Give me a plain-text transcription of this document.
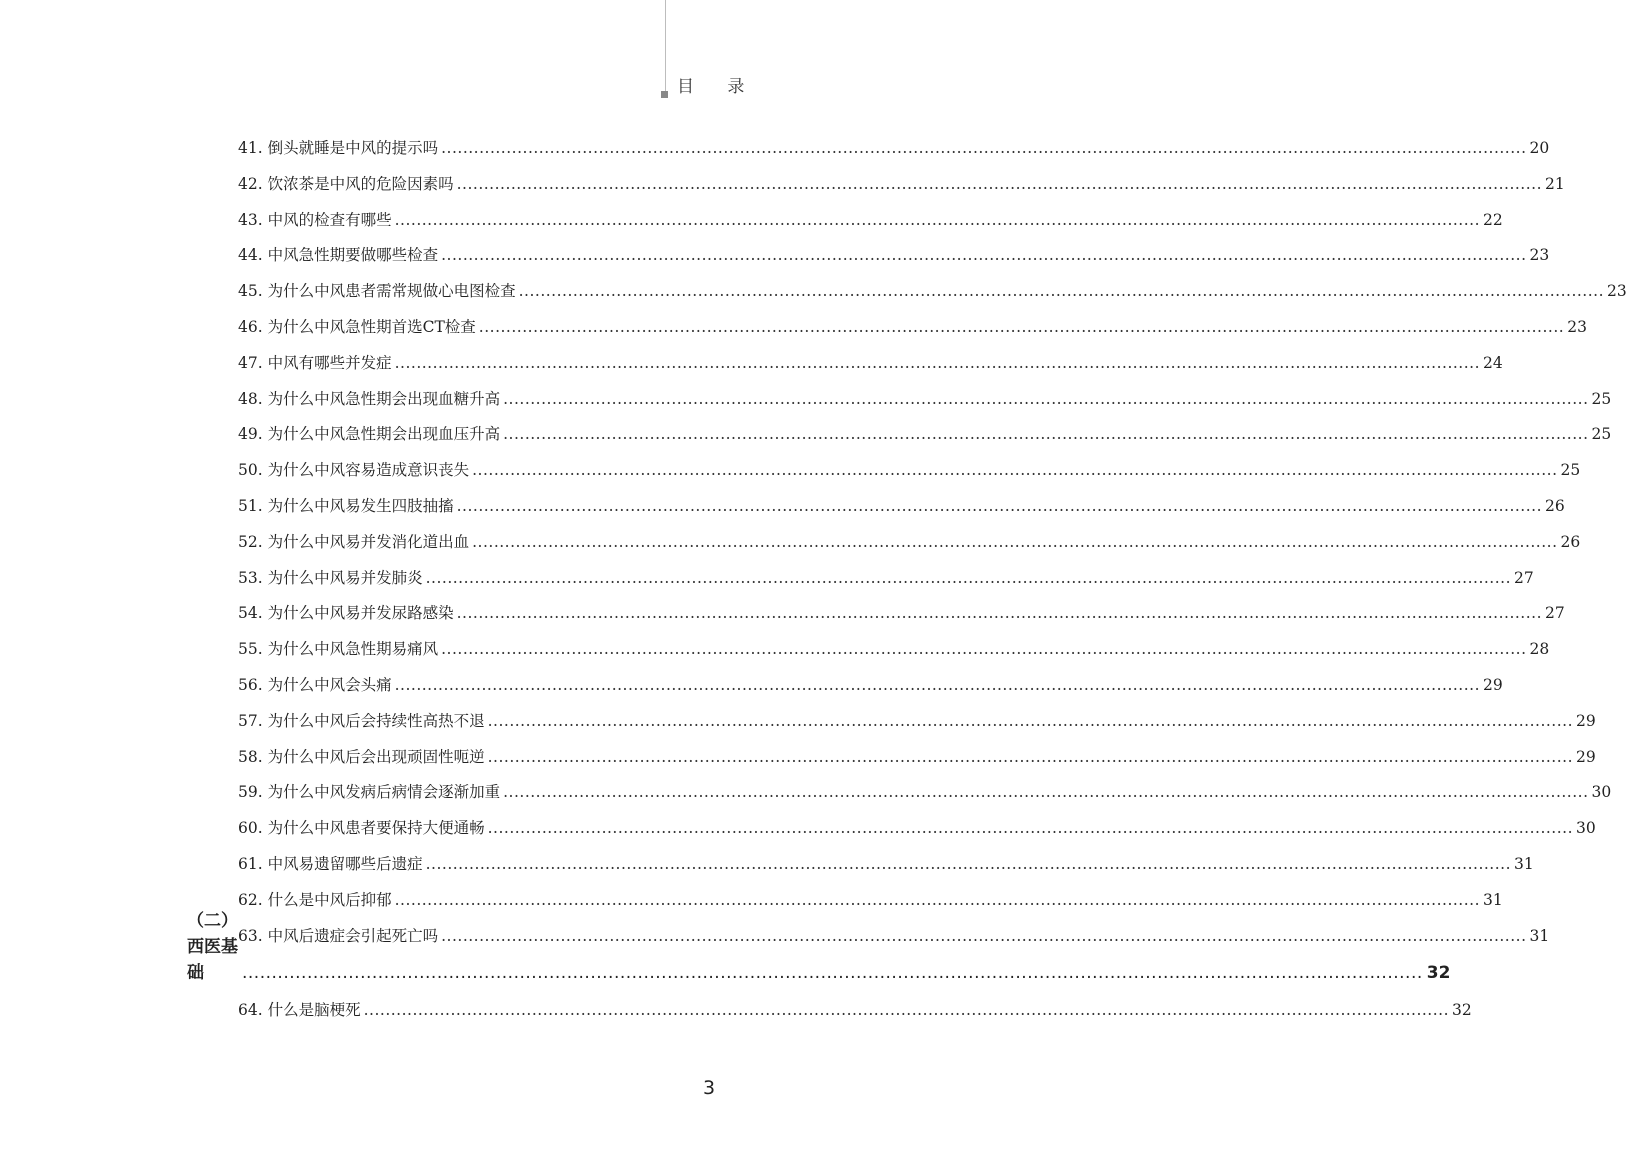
目 录
41.
倒头就睡是中风的提示吗 ........................................................................................................................................................................................................ 20
42.
饮浓茶是中风的危险因素吗 ........................................................................................................................................................................................................ 21
43.
中风的检查有哪些 ........................................................................................................................................................................................................ 22
44.
中风急性期要做哪些检查 ........................................................................................................................................................................................................ 23
45.
为什么中风患者需常规做心电图检查 ........................................................................................................................................................................................................ 23
46.
为什么中风急性期首选CT检查 ........................................................................................................................................................................................................ 23
47.
中风有哪些并发症 ........................................................................................................................................................................................................ 24
48.
为什么中风急性期会出现血糖升高 ........................................................................................................................................................................................................ 25
49.
为什么中风急性期会出现血压升高 ........................................................................................................................................................................................................ 25
50.
为什么中风容易造成意识丧失 ........................................................................................................................................................................................................ 25
51.
为什么中风易发生四肢抽搐 ........................................................................................................................................................................................................ 26
52.
为什么中风易并发消化道出血 ........................................................................................................................................................................................................ 26
53.
为什么中风易并发肺炎 ........................................................................................................................................................................................................ 27
54.
为什么中风易并发尿路感染 ........................................................................................................................................................................................................ 27
55.
为什么中风急性期易痛风 ........................................................................................................................................................................................................ 28
56.
为什么中风会头痛 ........................................................................................................................................................................................................ 29
57.
为什么中风后会持续性高热不退 ........................................................................................................................................................................................................ 29
58.
为什么中风后会出现顽固性呃逆 ........................................................................................................................................................................................................ 29
59.
为什么中风发病后病情会逐渐加重 ........................................................................................................................................................................................................ 30
60.
为什么中风患者要保持大便通畅 ........................................................................................................................................................................................................ 30
61.
中风易遗留哪些后遗症 ........................................................................................................................................................................................................ 31
62.
什么是中风后抑郁 ........................................................................................................................................................................................................ 31
63.
中风后遗症会引起死亡吗 ........................................................................................................................................................................................................ 31
（二）西医基础	........................................................................................................................................................................................................ 32
64.
什么是脑梗死 ........................................................................................................................................................................................................ 32
3
